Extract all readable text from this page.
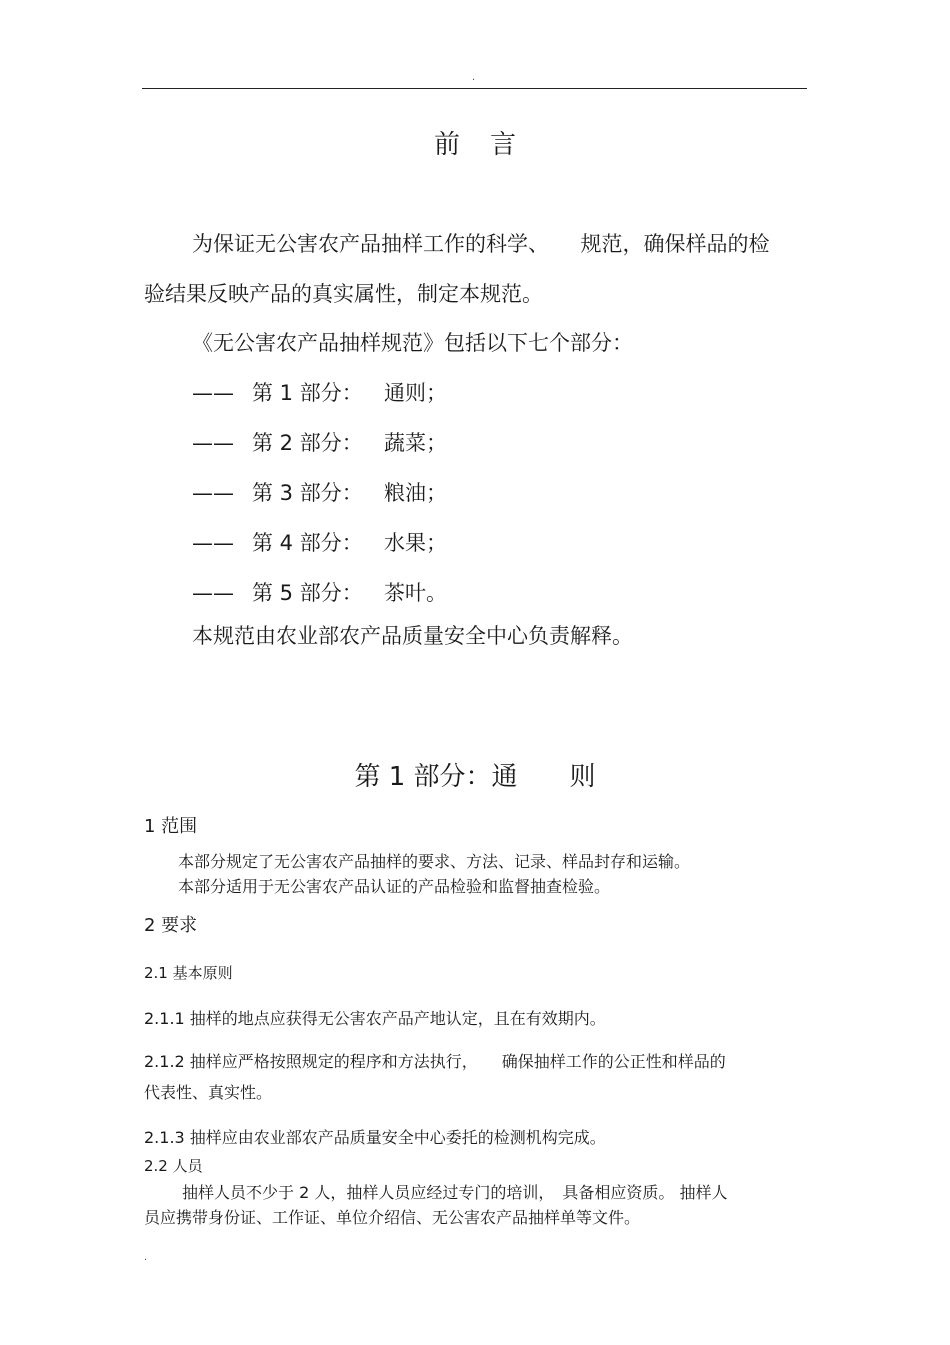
.
前言
为保证无公害农产品抽样工作的科学、　　规范，确保样品的检
验结果反映产品的真实属性，制定本规范。
《无公害农产品抽样规范》包括以下七个部分：
—— 第 1 部分： 通则；
—— 第 2 部分： 蔬菜；
—— 第 3 部分： 粮油；
—— 第 4 部分： 水果；
—— 第 5 部分： 茶叶。
本规范由农业部农产品质量安全中心负责解释。
第 1 部分：通　　则
1 范围
本部分规定了无公害农产品抽样的要求、方法、记录、样品封存和运输。
本部分适用于无公害农产品认证的产品检验和监督抽查检验。
2 要求
2.1 基本原则
2.1.1 抽样的地点应获得无公害农产品产地认定，且在有效期内。
2.1.2 抽样应严格按照规定的程序和方法执行，　　确保抽样工作的公正性和样品的
代表性、真实性。
2.1.3 抽样应由农业部农产品质量安全中心委托的检测机构完成。
2.2 人员
抽样人员不少于 2 人，抽样人员应经过专门的培训，　具备相应资质。 抽样人
员应携带身份证、工作证、单位介绍信、无公害农产品抽样单等文件。
.
